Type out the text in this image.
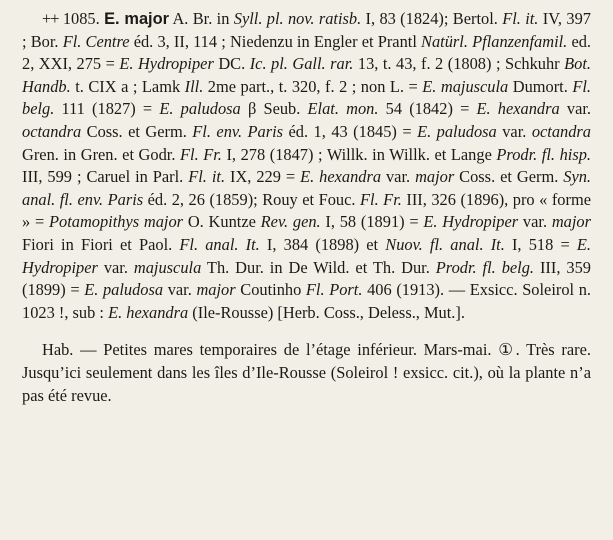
++ 1085. E. major A. Br. in Syll. pl. nov. ratisb. I, 83 (1824); Bertol. Fl. it. IV, 397 ; Bor. Fl. Centre éd. 3, II, 114 ; Niedenzu in Engler et Prantl Natürl. Pflanzenfamil. ed. 2, XXI, 275 = E. Hydropiper DC. Ic. pl. Gall. rar. 13, t. 43, f. 2 (1808) ; Schkuhr Bot. Handb. t. CIX a ; Lamk Ill. 2me part., t. 320, f. 2 ; non L. = E. majuscula Dumort. Fl. belg. 111 (1827) = E. paludosa β Seub. Elat. mon. 54 (1842) = E. hexandra var. octandra Coss. et Germ. Fl. env. Paris éd. 1, 43 (1845) = E. paludosa var. octandra Gren. in Gren. et Godr. Fl. Fr. I, 278 (1847) ; Willk. in Willk. et Lange Prodr. fl. hisp. III, 599 ; Caruel in Parl. Fl. it. IX, 229 = E. hexandra var. major Coss. et Germ. Syn. anal. fl. env. Paris éd. 2, 26 (1859); Rouy et Fouc. Fl. Fr. III, 326 (1896), pro « forme » = Potamopithys major O. Kuntze Rev. gen. I, 58 (1891) = E. Hydropiper var. major Fiori in Fiori et Paol. Fl. anal. It. I, 384 (1898) et Nuov. fl. anal. It. I, 518 = E. Hydropiper var. majuscula Th. Dur. in De Wild. et Th. Dur. Prodr. fl. belg. III, 359 (1899) = E. paludosa var. major Coutinho Fl. Port. 406 (1913). — Exsicc. Soleirol n. 1023 !, sub : E. hexandra (Ile-Rousse) [Herb. Coss., Deless., Mut.].

Hab. — Petites mares temporaires de l’étage inférieur. Mars-mai. ①. Très rare. Jusqu’ici seulement dans les îles d’Ile-Rousse (Soleirol ! exsicc. cit.), où la plante n’a pas été revue.
